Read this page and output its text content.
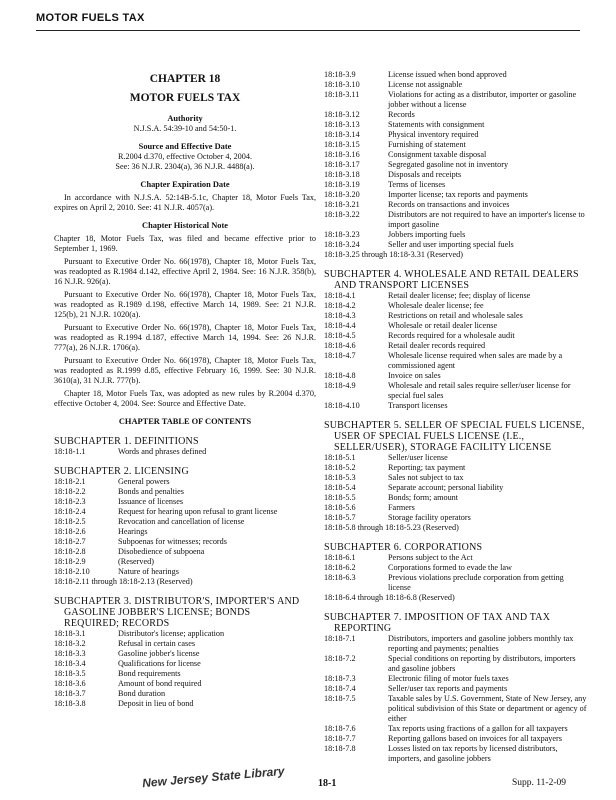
MOTOR FUELS TAX
CHAPTER 18
MOTOR FUELS TAX
Authority
N.J.S.A. 54:39-10 and 54:50-1.
Source and Effective Date
R.2004 d.370, effective October 4, 2004.
See: 36 N.J.R. 2304(a), 36 N.J.R. 4488(a).
Chapter Expiration Date

In accordance with N.J.S.A. 52:14B-5.1c, Chapter 18, Motor Fuels Tax, expires on April 2, 2010. See: 41 N.J.R. 4057(a).

Chapter Historical Note

Chapter 18, Motor Fuels Tax, was filed and became effective prior to September 1, 1969.

Pursuant to Executive Order No. 66(1978), Chapter 18, Motor Fuels Tax, was readopted as R.1984 d.142, effective April 2, 1984. See: 16 N.J.R. 358(b), 16 N.J.R. 926(a).

Pursuant to Executive Order No. 66(1978), Chapter 18, Motor Fuels Tax, was readopted as R.1989 d.198, effective March 14, 1989. See: 21 N.J.R. 125(b), 21 N.J.R. 1020(a).

Pursuant to Executive Order No. 66(1978), Chapter 18, Motor Fuels Tax, was readopted as R.1994 d.187, effective March 14, 1994. See: 26 N.J.R. 777(a), 26 N.J.R. 1706(a).

Pursuant to Executive Order No. 66(1978), Chapter 18, Motor Fuels Tax, was readopted as R.1999 d.85, effective February 16, 1999. See: 30 N.J.R. 3610(a), 31 N.J.R. 777(b).

Chapter 18, Motor Fuels Tax, was adopted as new rules by R.2004 d.370, effective October 4, 2004. See: Source and Effective Date.

CHAPTER TABLE OF CONTENTS
SUBCHAPTER 1. DEFINITIONS
18:18-1.1	Words and phrases defined
SUBCHAPTER 2. LICENSING
18:18-2.1	General powers
18:18-2.2	Bonds and penalties
18:18-2.3	Issuance of licenses
18:18-2.4	Request for hearing upon refusal to grant license
18:18-2.5	Revocation and cancellation of license
18:18-2.6	Hearings
18:18-2.7	Subpoenas for witnesses; records
18:18-2.8	Disobedience of subpoena
18:18-2.9	(Reserved)
18:18-2.10	Nature of hearings
18:18-2.11 through 18:18-2.13 (Reserved)
SUBCHAPTER 3. DISTRIBUTOR'S, IMPORTER'S AND
GASOLINE JOBBER'S LICENSE; BONDS
REQUIRED; RECORDS
18:18-3.1	Distributor's license; application
18:18-3.2	Refusal in certain cases
18:18-3.3	Gasoline jobber's license
18:18-3.4	Qualifications for license
18:18-3.5	Bond requirements
18:18-3.6	Amount of bond required
18:18-3.7	Bond duration
18:18-3.8	Deposit in lieu of bond
18:18-3.9	License issued when bond approved
18:18-3.10	License not assignable
18:18-3.11	Violations for acting as a distributor, importer or gasoline jobber without a license
18:18-3.12	Records
18:18-3.13	Statements with consignment
18:18-3.14	Physical inventory required
18:18-3.15	Furnishing of statement
18:18-3.16	Consignment taxable disposal
18:18-3.17	Segregated gasoline not in inventory
18:18-3.18	Disposals and receipts
18:18-3.19	Terms of licenses
18:18-3.20	Importer license; tax reports and payments
18:18-3.21	Records on transactions and invoices
18:18-3.22	Distributors are not required to have an importer's license to import gasoline
18:18-3.23	Jobbers importing fuels
18:18-3.24	Seller and user importing special fuels
18:18-3.25 through 18:18-3.31 (Reserved)
SUBCHAPTER 4. WHOLESALE AND RETAIL DEALERS
AND TRANSPORT LICENSES
18:18-4.1	Retail dealer license; fee; display of license
18:18-4.2	Wholesale dealer license; fee
18:18-4.3	Restrictions on retail and wholesale sales
18:18-4.4	Wholesale or retail dealer license
18:18-4.5	Records required for a wholesale audit
18:18-4.6	Retail dealer records required
18:18-4.7	Wholesale license required when sales are made by a commissioned agent
18:18-4.8	Invoice on sales
18:18-4.9	Wholesale and retail sales require seller/user license for special fuel sales
18:18-4.10	Transport licenses
SUBCHAPTER 5. SELLER OF SPECIAL FUELS LICENSE,
USER OF SPECIAL FUELS LICENSE (I.E.,
SELLER/USER), STORAGE FACILITY LICENSE
18:18-5.1	Seller/user license
18:18-5.2	Reporting; tax payment
18:18-5.3	Sales not subject to tax
18:18-5.4	Separate account; personal liability
18:18-5.5	Bonds; form; amount
18:18-5.6	Farmers
18:18-5.7	Storage facility operators
18:18-5.8 through 18:18-5.23 (Reserved)
SUBCHAPTER 6. CORPORATIONS
18:18-6.1	Persons subject to the Act
18:18-6.2	Corporations formed to evade the law
18:18-6.3	Previous violations preclude corporation from getting license
18:18-6.4 through 18:18-6.8 (Reserved)
SUBCHAPTER 7. IMPOSITION OF TAX AND TAX
REPORTING
18:18-7.1	Distributors, importers and gasoline jobbers monthly tax reporting and payments; penalties
18:18-7.2	Special conditions on reporting by distributors, importers and gasoline jobbers
18:18-7.3	Electronic filing of motor fuels taxes
18:18-7.4	Seller/user tax reports and payments
18:18-7.5	Taxable sales by U.S. Government, State of New Jersey, any political subdivision of this State or department or agency of either
18:18-7.6	Tax reports using fractions of a gallon for all taxpayers
18:18-7.7	Reporting gallons based on invoices for all taxpayers
18:18-7.8	Losses listed on tax reports by licensed distributors, importers, and gasoline jobbers
New Jersey State Library	18-1	Supp. 11-2-09
